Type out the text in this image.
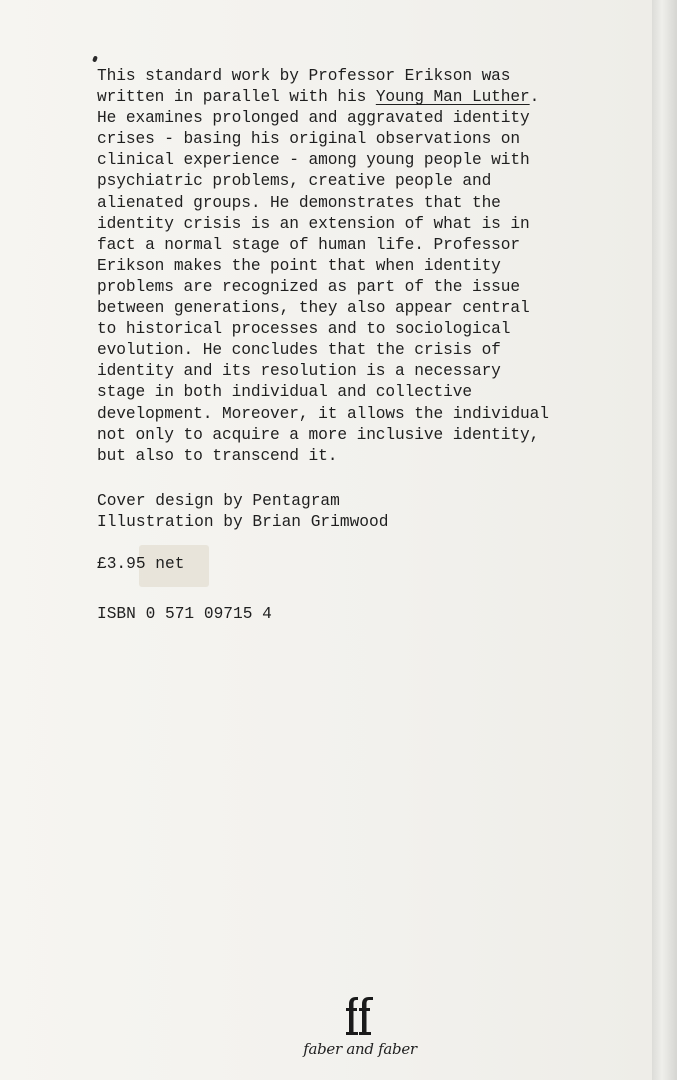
This standard work by Professor Erikson was
written in parallel with his Young Man Luther.
He examines prolonged and aggravated identity
crises - basing his original observations on
clinical experience - among young people with
psychiatric problems, creative people and
alienated groups. He demonstrates that the
identity crisis is an extension of what is in
fact a normal stage of human life. Professor
Erikson makes the point that when identity
problems are recognized as part of the issue
between generations, they also appear central
to historical processes and to sociological
evolution. He concludes that the crisis of
identity and its resolution is a necessary
stage in both individual and collective
development. Moreover, it allows the individual
not only to acquire a more inclusive identity,
but also to transcend it.

Cover design by Pentagram
Illustration by Brian Grimwood
£3.95 net
ISBN 0 571 09715 4
faber and faber
